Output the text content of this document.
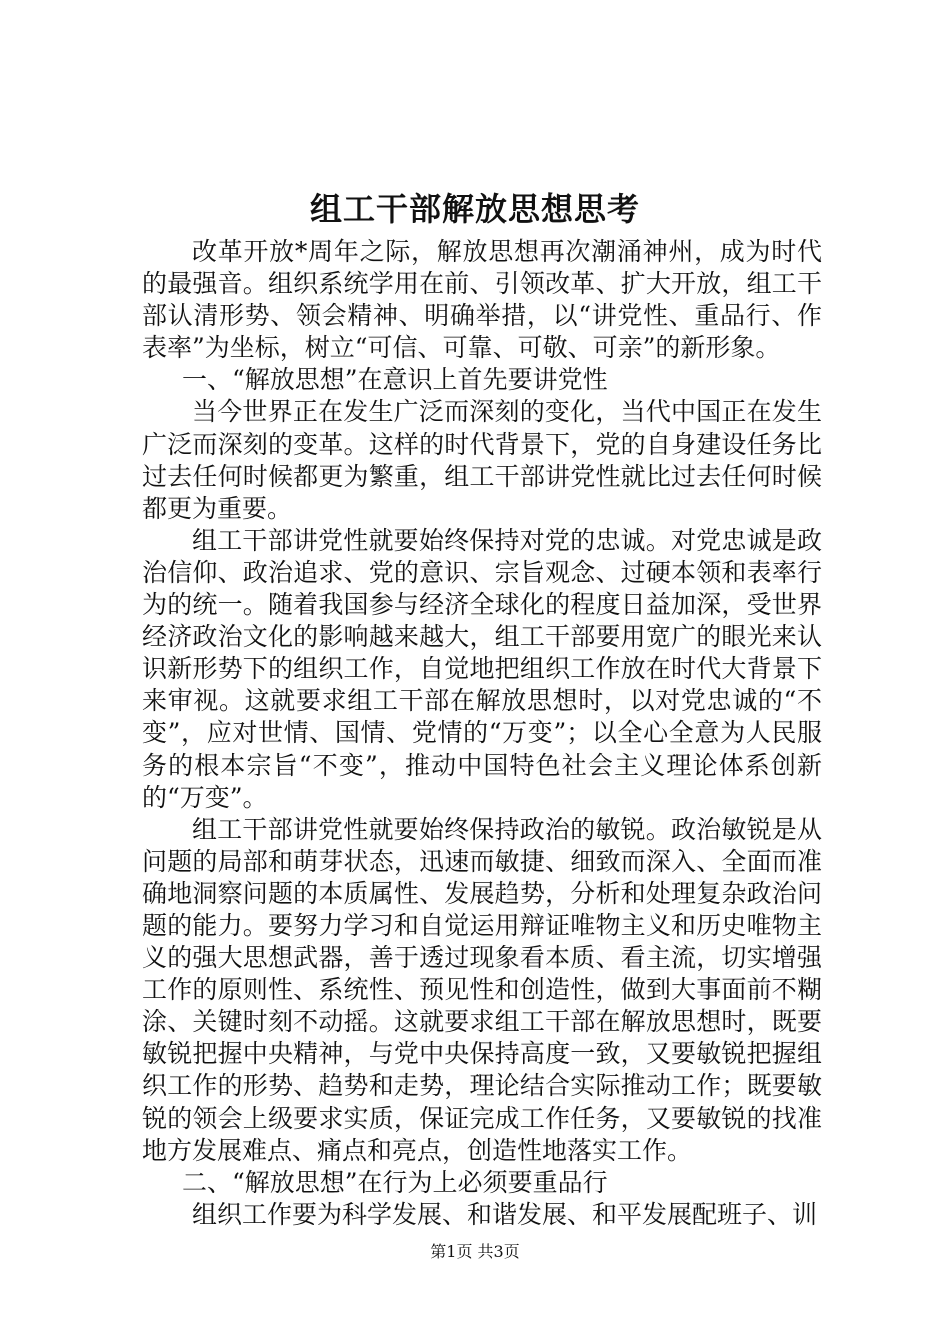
组工干部解放思想思考

改革开放*周年之际，解放思想再次潮涌神州，成为时代的最强音。组织系统学用在前、引领改革、扩大开放，组工干部认清形势、领会精神、明确举措，以“讲党性、重品行、作表率”为坐标，树立“可信、可靠、可敬、可亲”的新形象。

一、“解放思想”在意识上首先要讲党性

当今世界正在发生广泛而深刻的变化，当代中国正在发生广泛而深刻的变革。这样的时代背景下，党的自身建设任务比过去任何时候都更为繁重，组工干部讲党性就比过去任何时候都更为重要。

组工干部讲党性就要始终保持对党的忠诚。对党忠诚是政治信仰、政治追求、党的意识、宗旨观念、过硬本领和表率行为的统一。随着我国参与经济全球化的程度日益加深，受世界经济政治文化的影响越来越大，组工干部要用宽广的眼光来认识新形势下的组织工作，自觉地把组织工作放在时代大背景下来审视。这就要求组工干部在解放思想时，以对党忠诚的“不变”，应对世情、国情、党情的“万变”；以全心全意为人民服务的根本宗旨“不变”，推动中国特色社会主义理论体系创新的“万变”。

组工干部讲党性就要始终保持政治的敏锐。政治敏锐是从问题的局部和萌芽状态，迅速而敏捷、细致而深入、全面而准确地洞察问题的本质属性、发展趋势，分析和处理复杂政治问题的能力。要努力学习和自觉运用辩证唯物主义和历史唯物主义的强大思想武器，善于透过现象看本质、看主流，切实增强工作的原则性、系统性、预见性和创造性，做到大事面前不糊涂、关键时刻不动摇。这就要求组工干部在解放思想时，既要敏锐把握中央精神，与党中央保持高度一致，又要敏锐把握组织工作的形势、趋势和走势，理论结合实际推动工作；既要敏锐的领会上级要求实质，保证完成工作任务，又要敏锐的找准地方发展难点、痛点和亮点，创造性地落实工作。

二、“解放思想”在行为上必须要重品行

组织工作要为科学发展、和谐发展、和平发展配班子、训

第1页 共3页
